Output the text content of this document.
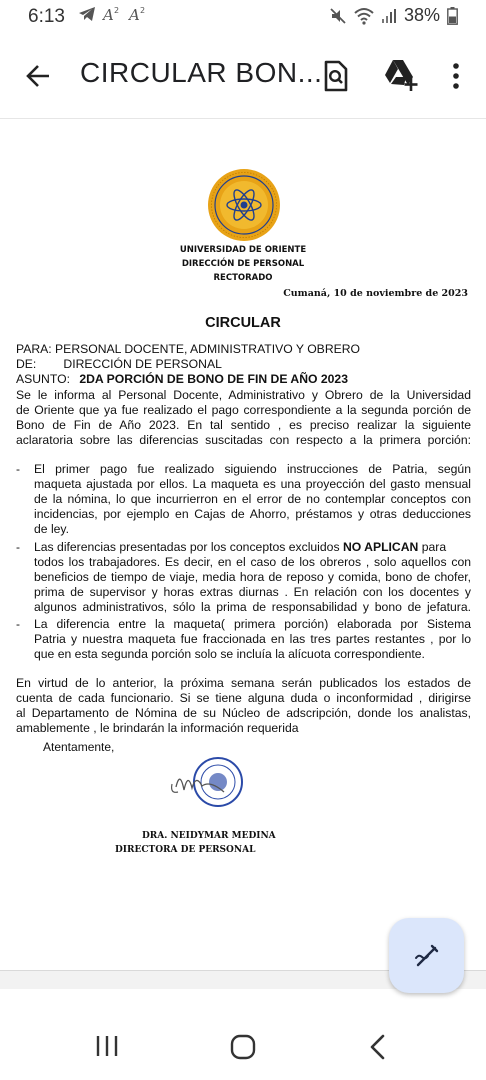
6:13	A 2 A 2	38%
CIRCULAR BON...
UNIVERSIDAD DE ORIENTE
DIRECCIÓN DE PERSONAL
RECTORADO
Cumaná, 10 de noviembre de 2023
CIRCULAR
PARA: PERSONAL DOCENTE, ADMINISTRATIVO Y OBRERO
DE:        DIRECCIÓN DE PERSONAL
ASUNTO: 2DA PORCIÓN DE BONO DE FIN DE AÑO 2023
Se le informa al Personal Docente, Administrativo y Obrero de la Universidad
de Oriente que ya fue realizado el pago correspondiente a la segunda porción de
Bono de Fin de Año 2023. En tal sentido , es preciso realizar la siguiente
aclaratoria sobre las diferencias suscitadas con respecto a la primera porción:
- El primer pago fue realizado siguiendo instrucciones de Patria, según
maqueta ajustada por ellos. La maqueta es una proyección del gasto mensual
de la nómina, lo que incurrierron en el error de no contemplar conceptos con
incidencias, por ejemplo en Cajas de Ahorro, préstamos y otras deducciones
de ley.
- Las diferencias presentadas por los conceptos excluidos NO APLICAN para
todos los trabajadores. Es decir, en el caso de los obreros , solo aquellos con
beneficios de tiempo de viaje, media hora de reposo y comida, bono de chofer,
prima de supervisor y horas extras diurnas . En relación con los docentes y
algunos administrativos, sólo la prima de responsabilidad y bono de jefatura.
- La diferencia entre la maqueta( primera porción) elaborada por Sistema
Patria y nuestra maqueta fue fraccionada en las tres partes restantes , por lo
que en esta segunda porción solo se incluía la alícuota correspondiente.
En virtud de lo anterior, la próxima semana serán publicados los estados de
cuenta de cada funcionario. Si se tiene alguna duda o inconformidad , dirigirse
al Departamento de Nómina de su Núcleo de adscripción, donde los analistas,
amablemente , le brindarán la información requerida
Atentamente,
DRA. NEIDYMAR MEDINA
DIRECTORA DE PERSONAL
